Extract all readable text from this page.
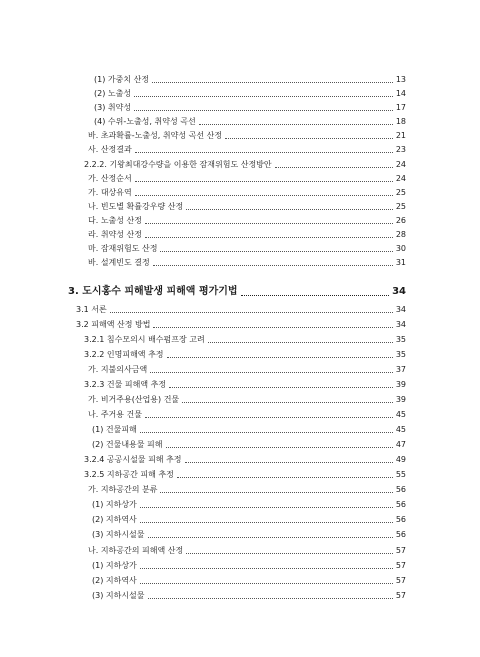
(1) 가중치 산정	13
(2) 노출성	14
(3) 취약성	17
(4) 수위-노출성, 취약성 곡선	18
바. 초과확률-노출성, 취약성 곡선 산정	21
사. 산정결과	23
2.2.2. 기왕최대강수량을 이용한 잠재위험도 산정방안	24
가. 산정순서	24
가. 대상유역	25
나. 빈도별 확률강우량 산정	25
다. 노출성 산정	26
라. 취약성 산정	28
마. 잠재위험도 산정	30
바. 설계빈도 결정	31
3. 도시홍수 피해발생 피해액 평가기법	34
3.1 서론	34
3.2 피해액 산정 방법	34
3.2.1 침수모의시 배수펌프장 고려	35
3.2.2 인명피해액 추정	35
가. 지불의사금액	37
3.2.3 건물 피해액 추정	39
가. 비거주용(산업용) 건물	39
나. 주거용 건물	45
(1) 건물피해	45
(2) 건물내용물 피해	47
3.2.4 공공시설물 피해 추정	49
3.2.5 지하공간 피해 추정	55
가. 지하공간의 분류	56
(1) 지하상가	56
(2) 지하역사	56
(3) 지하시설물	56
나. 지하공간의 피해액 산정	57
(1) 지하상가	57
(2) 지하역사	57
(3) 지하시설물	57
